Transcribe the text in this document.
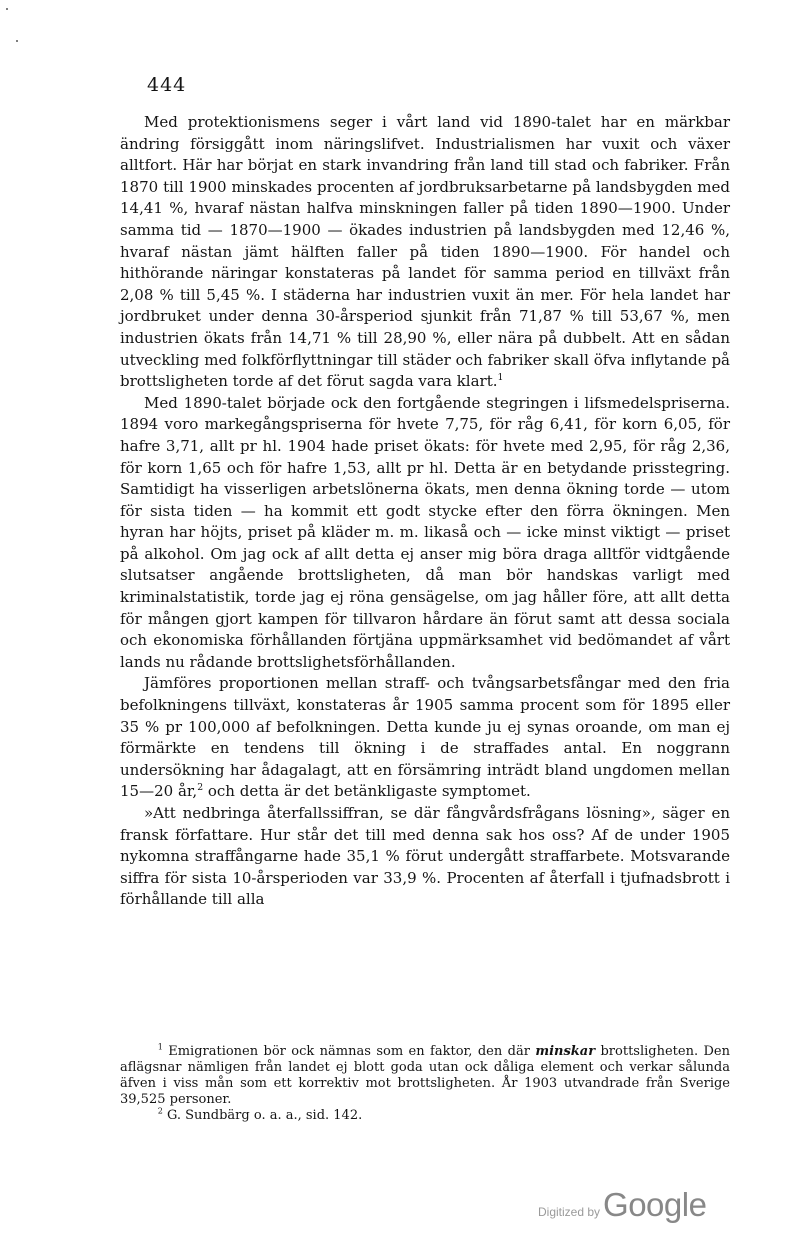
444

Med protektionismens seger i vårt land vid 1890-talet har en märkbar ändring försiggått inom näringslifvet. Industrialismen har vuxit och växer alltfort. Här har börjat en stark invandring från land till stad och fabriker. Från 1870 till 1900 minskades procenten af jordbruksarbetarne på landsbygden med 14,41 %, hvaraf nästan halfva minskningen faller på tiden 1890—1900. Under samma tid — 1870—1900 — ökades industrien på landsbygden med 12,46 %, hvaraf nästan jämt hälften faller på tiden 1890—1900. För handel och hithörande näringar konstateras på landet för samma period en tillväxt från 2,08 % till 5,45 %. I städerna har industrien vuxit än mer. För hela landet har jordbruket under denna 30-årsperiod sjunkit från 71,87 % till 53,67 %, men industrien ökats från 14,71 % till 28,90 %, eller nära på dubbelt. Att en sådan utveckling med folkförflyttningar till städer och fabriker skall öfva inflytande på brottsligheten torde af det förut sagda vara klart.$^1$

Med 1890-talet började ock den fortgående stegringen i lifsmedelspriserna. 1894 voro markegångspriserna för hvete 7,75, för råg 6,41, för korn 6,05, för hafre 3,71, allt pr hl. 1904 hade priset ökats: för hvete med 2,95, för råg 2,36, för korn 1,65 och för hafre 1,53, allt pr hl. Detta är en betydande prisstegring. Samtidigt ha visserligen arbetslönerna ökats, men denna ökning torde — utom för sista tiden — ha kommit ett godt stycke efter den förra ökningen. Men hyran har höjts, priset på kläder m. m. likaså och — icke minst viktigt — priset på alkohol. Om jag ock af allt detta ej anser mig böra draga alltför vidtgående slutsatser angående brottsligheten, då man bör handskas varligt med kriminalstatistik, torde jag ej röna gensägelse, om jag håller före, att allt detta för mången gjort kampen för tillvaron hårdare än förut samt att dessa sociala och ekonomiska förhållanden förtjäna uppmärksamhet vid bedömandet af vårt lands nu rådande brottslighetsförhållanden.

Jämföres proportionen mellan straff- och tvångsarbetsfångar med den fria befolkningens tillväxt, konstateras år 1905 samma procent som för 1895 eller 35 % pr 100,000 af befolkningen. Detta kunde ju ej synas oroande, om man ej förmärkte en tendens till ökning i de straffades antal. En noggrann undersökning har ådagalagt, att en försämring inträdt bland ungdomen mellan 15—20 år,$^2$ och detta är det betänkligaste symptomet.

»Att nedbringa återfallssiffran, se där fångvårdsfrågans lösning», säger en fransk författare. Hur står det till med denna sak hos oss? Af de under 1905 nykomna straffångarne hade 35,1 % förut undergått straffarbete. Motsvarande siffra för sista 10-årsperioden var 33,9 %. Procenten af återfall i tjufnadsbrott i förhållande till alla

$^1$ Emigrationen bör ock nämnas som en faktor, den där minskar brottsligheten. Den aflägsnar nämligen från landet ej blott goda utan ock dåliga element och verkar sålunda äfven i viss mån som ett korrektiv mot brottsligheten. År 1903 utvandrade från Sverige 39,525 personer.

$^2$ G. Sundbärg o. a. a., sid. 142.

Digitized by Google
